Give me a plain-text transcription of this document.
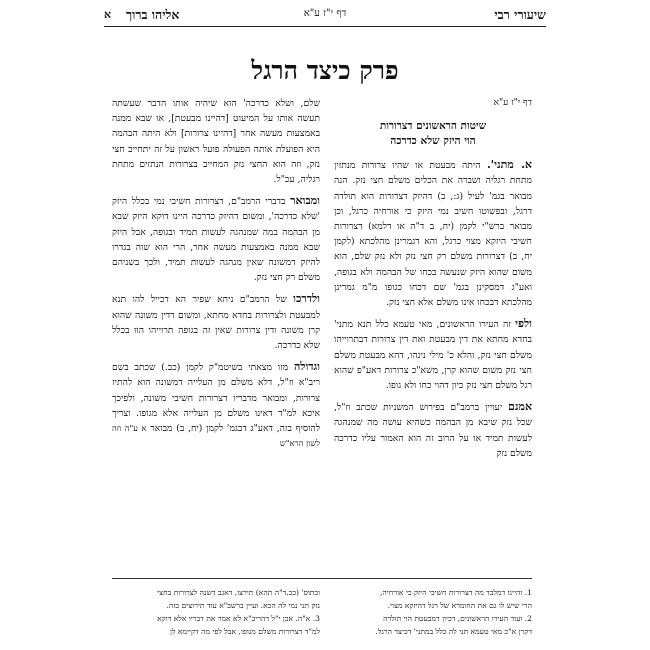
שיעורי רבי
דף י"ז ע"א
אליהו ברוך
א
פרק כיצד הרגל

דף י"ז ע"א

שיטות הראשונים דצרורות
הוי היזק שלא כדרכה

א. מתני'. היתה מבעטת או שהיו צרורות מנתזין מתחת רגליה ושברה את הכלים משלם חצי נזק. הנה מבואר בגמ' לעיל (ג:, ב) דהיזק דצרורות הוא תולדה דרגל, ובפשוטו חשיב נמי היזק כי אורחיה כרגל, וכן מבואר ברש"י לקמן (יח, ב ד"ה או דלמא) דצרורות חשיבי היזקא מצוי כרגל, והא דגמרינן מהלכתא (לקמן יח, ב) דצרורות משלם רק חצי נזק ולא נזק שלם, הוא משום שהוא היזק שנעשה בכחו של הבהמה ולא בגופה, ואע"ג דמסקינן בגמ' שם דכחו כגופו מ"מ גמרינן מהלכתא דבכחו אינו משלם אלא חצי נזק.

ולפי זה העירו הראשונים, מאי טעמא כלל תנא מתני' בחדא מחתא את דין מבעטת ואת דין צרורות דבתרוייהו משלם חצי נזק, והלא כ' מילי נינהו, דהא מבעטת משלם חצי נזק משום שהוא קרן, משא"כ צרורות דאע"פ שהוא רגל משלם חצי נזק כיון דהוי כחו ולא גופו.

אמנם יעויין ברמב"ם בפירוש המשניות שכתב וז"ל, שכל נזק שיבא מן הבהמה כשהיא עושה מה שמנהגה לעשות תמיד או על הרוב זה הוא האמור עליו כדרכה משלם נזק

שלם, ושלא כדרכה' הוא שיהיה אותו הדבר שעשתה תעשה אותו על המיעוט [דהיינו מבעטת], או שבא ממנה באמצעות מעשה אחר [דהיינו צרורות] ולא היתה הבהמה היא הפועלת אותה הפעולה פועל ראשון על זה יתחייב חצי נזק, וזה הוא החצי נזק המחייב בצרורות הנתזים מתחת רגליה, עכ"ל.

ומבואר בדברי הרמב"ם, דצרורות חשיבי נמי בכלל היזק 'שלא כדרכה', ומשום דהיזק כדרכה היינו דוקא היזק שבא מן הבהמה במה שמנהגה לעשות תמיד ובגופה, אבל היזק שבא ממנה באמצעות מעשה אחר, הרי הוא שוה בגדרו להיזק דמשונה שאין מנהגה לעשות תמיד, ולכך בשניהם משלם רק חצי נזק.

ולדרכו של הרמב"ם ניחא שפיר הא דכייל להו תנא למבעטת ולצרורות בחדא מחתא, ומשום דדין משונה שהוא קרן משונה ודין צרורות שאין זה בגופה תרוייהו הוו בכלל שלא כדרכה.

וגדולה מזו מצאתי בשיטמ"ק לקמן (כב.) שכתב בשם ריב"א וז"ל, דלא משלם מן העלייה דמשונה הוא להתיז צרורות, ומבואר מדבריו דצרורות חשיבי משונה, ולפיכך איכא למ"ד דאינו משלם מן העלייה אלא מגופו. וצריך להוסיף בזה, דאע"ג דבגמ' לקמן (יח, ב) מבואר א ע"ה וזה לשון הרא"ש

1. והיינו דמלבד מה דצרורות חשיבי היזק כי אורחיה,

הרי שיש לו גם את החומרא של רגל דהיזקא מצוי.

2. ועוד העירו הראשונים, דכיון דמבעטת הוי תולדה

דקרן א"כ מאי טעמא תני לה כלל במתני' דכיצד הרגל.

ובתוס' (כב.ד"ה תהא) תירצו, דאגב דשנה לצרורות בחצי

נזק תני נמי לה הכא. ועיין ברשב"א עוד תירוצים בזה.

3. א"ה. אכן י"ל דהריב"א לא אמר את דבריו אלא דוקא

למ"ד דצרורות משלם מגופו, אבל לפי מה דקיימא לן
